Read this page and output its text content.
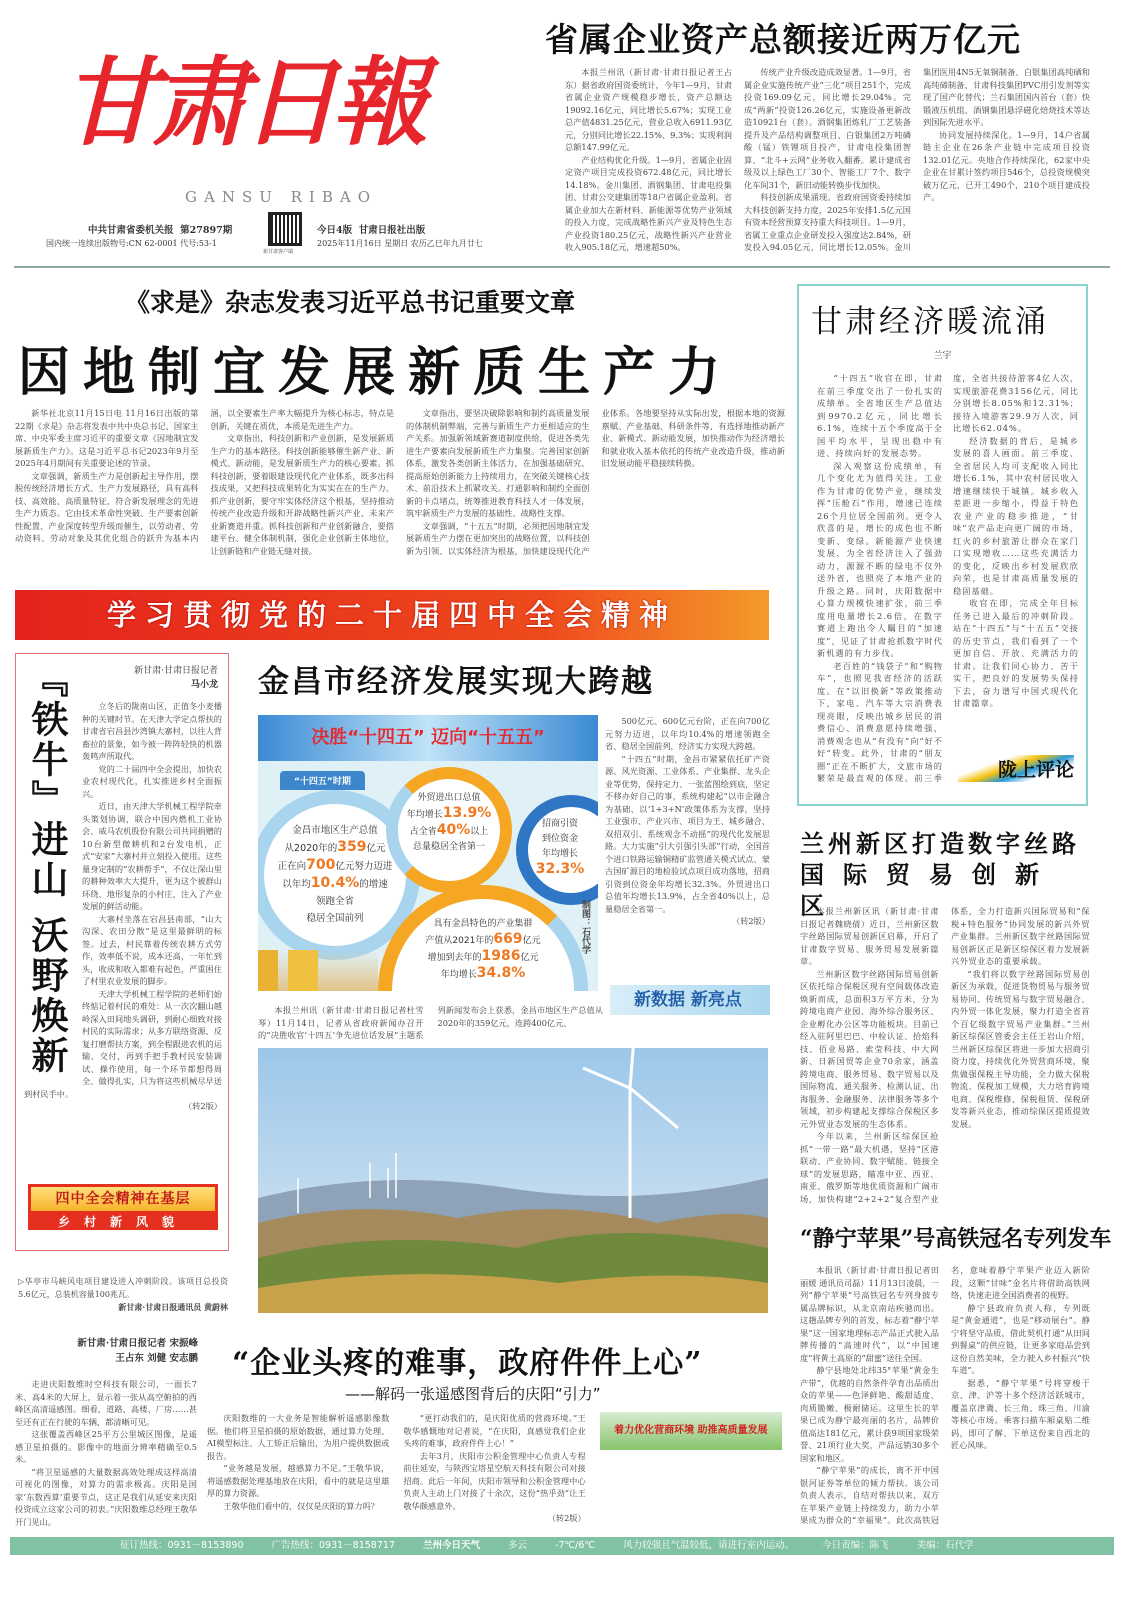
甘肃日報
GANSU RIBAO
中共甘肃省委机关报 第27897期
国内统一连续出版物号:CN 62-0001 代号:53-1
新甘肃客户端
今日4版 甘肃日报社出版
2025年11月16日 星期日 农历乙巳年九月廿七
省属企业资产总额接近两万亿元

本报兰州讯（新甘肃·甘肃日报记者王占东）据省政府国资委统计，今年1—9月，甘肃省属企业资产规模稳步增长，资产总额达19092.16亿元，同比增长5.67%；实现工业总产值4831.25亿元，营业总收入6911.93亿元，分别同比增长22.15%、9.3%；实现利润总额147.99亿元。

产业结构优化升级。1—9月，省属企业固定资产项目完成投资672.48亿元，同比增长14.18%。金川集团、酒钢集团、甘肃电投集团、甘肃公交建集团等18户省属企业盈利。省属企业加大在新材料、新能源等优势产业领域的投入力度，完成战略性新兴产业及特色生态产业投资180.25亿元，战略性新兴产业营业收入905.18亿元，增速超50%。

传统产业升级改造成效显著。1—9月，省属企业实施传统产业“三化”项目251个，完成投资169.09亿元，同比增长29.04%。完成“两新”投资126.26亿元，实施设备更新改造10921台（套）。酒钢集团炼轧厂工艺装备提升及产品结构调整项目、白银集团2万吨磷酸（锰）铁锂项目投产，甘肃电投集团智算、“北斗+云网”业务收入翻番。累计建成省级及以上绿色工厂30个、智能工厂7个、数字化车间31个，新旧动能转换步伐加快。

科技创新成果涌现。省政府国资委持续加大科技创新支持力度，2025年安排1.5亿元国有资本经营预算支持重大科技项目。1—9月，省属工业重点企业研发投入强度达2.84%，研发投入94.05亿元，同比增长12.05%。金川集团医用4N5无氧铜制备、白银集团高纯硒和高纯碲制备、甘肃科技集团PVC用引发剂等实现了国产化替代；兰石集团国内首台（套）快锻液压机组、酒钢集团悬浮磁化焙烧技术等达到国际先进水平。

协同发展持续深化。1—9月，14户省属链主企业在26条产业链中完成项目投资132.01亿元。央地合作持续深化，62家中央企业在甘累计签约项目546个，总投资规模突破万亿元，已开工490个，210个项目建成投产。

《求是》杂志发表习近平总书记重要文章
因地制宜发展新质生产力

新华社北京11月15日电 11月16日出版的第22期《求是》杂志将发表中共中央总书记、国家主席、中央军委主席习近平的重要文章《因地制宜发展新质生产力》。这是习近平总书记2023年9月至2025年4月期间有关重要论述的节录。

文章强调，新质生产力是创新起主导作用，摆脱传统经济增长方式、生产力发展路径，具有高科技、高效能、高质量特征，符合新发展理念的先进生产力质态。它由技术革命性突破、生产要素创新性配置、产业深度转型升级而催生，以劳动者、劳动资料、劳动对象及其优化组合的跃升为基本内涵，以全要素生产率大幅提升为核心标志，特点是创新，关键在质优，本质是先进生产力。

文章指出，科技创新和产业创新，是发展新质生产力的基本路径。科技创新能够催生新产业、新模式、新动能，是发展新质生产力的核心要素。抓科技创新，要着眼建设现代化产业体系，既多出科技成果，又把科技成果转化为实实在在的生产力。抓产业创新，要守牢实体经济这个根基，坚持推动传统产业改造升级和开辟战略性新兴产业、未来产业新赛道并重。抓科技创新和产业创新融合，要搭建平台、健全体制机制，强化企业创新主体地位，让创新链和产业链无缝对接。

文章指出，要坚决破除影响和制约高质量发展的体制机制弊端，完善与新质生产力更相适应的生产关系。加强新领域新赛道制度供给，促进各类先进生产要素向发展新质生产力集聚。完善国家创新体系，激发各类创新主体活力，在加强基础研究、提高原始创新能力上持续用力，在突破关键核心技术、前沿技术上抓紧攻关。打通影响和制约全面创新的卡点堵点，统筹推进教育科技人才一体发展，筑牢新质生产力发展的基础性、战略性支撑。

文章强调，“十五五”时期，必须把因地制宜发展新质生产力摆在更加突出的战略位置，以科技创新为引领、以实体经济为根基，加快建设现代化产业体系。各地要坚持从实际出发，根据本地的资源禀赋、产业基础、科研条件等，有选择地推动新产业、新模式、新动能发展，加快推动作为经济增长和就业收入基本依托的传统产业改造升级，推动新旧发展动能平稳接续转换。

学习贯彻党的二十届四中全会精神
甘肃经济暖流涌
兰宇

“十四五”收官在即，甘肃在前三季度交出了一份扎实的成绩单。全省地区生产总值达到9970.2亿元，同比增长6.1%，连续十五个季度高于全国平均水平，呈现出稳中有进、持续向好的发展态势。

深入观察这份成绩单，有几个变化尤为值得关注。工业作为甘肃的优势产业，继续发挥“压舱石”作用，增速已连续26个月位居全国前列。更令人欣喜的是，增长的成色也不断变新、变绿。新能源产业快速发展，为全省经济注入了强劲动力，源源不断的绿电不仅外送外省，也照亮了本地产业的升级之路。同时，庆阳数据中心算力规模快速扩张，前三季度用电量增长2.6倍，在数字赛道上跑出令人瞩目的“加速度”，见证了甘肃抢抓数字时代新机遇的有力步伐。

老百姓的“钱袋子”和“购物车”，也照见我省经济的活跃度。在“以旧换新”等政策推动下，家电、汽车等大宗消费表现亮眼，反映出城乡居民的消费信心、消费意愿持续增强，消费观念也从“有没有”向“好不好”转变。此外，甘肃的“朋友圈”正在不断扩大，文旅市场的繁荣是最直观的体现。前三季度，全省共接待游客4亿人次，实现旅游花费3156亿元，同比分别增长8.05%和12.31%；接待入境游客29.9万人次，同比增长62.04%。

经济数据的背后，是城乡发展的喜人画面。前三季度，全省居民人均可支配收入同比增长6.1%，其中农村居民收入增速继续快于城镇。城乡收入差距进一步缩小，得益于特色农业产业的稳步推进，“甘味”农产品走向更广阔的市场，红火的乡村旅游让群众在家门口实现增收……这些充满活力的变化，反映出乡村发展欣欣向荣，也是甘肃高质量发展的稳固基础。

收官在即，完成全年目标任务已进入最后的冲刺阶段。站在“十四五”与“十五五”交接的历史节点，我们看到了一个更加自信、开放、充满活力的甘肃。让我们同心协力、苦干实干，把良好的发展势头保持下去，奋力谱写中国式现代化甘肃篇章。

陇上评论
兰州新区打造数字丝路
国际贸易创新区

本报兰州新区讯（新甘肃·甘肃日报记者魏晓倩）近日，兰州新区数字丝路国际贸易创新区启幕，开启了甘肃数字贸易、服务贸易发展新篇章。

兰州新区数字丝路国际贸易创新区依托综合保税区现有空间载体改造焕新而成，总面积3万平方米，分为跨境电商产业园、海外综合服务区、企业孵化办公区等功能板块。目前已经入驻阿里巴巴、中检认证、拾焰科技、佰业易路、索莹科技、中大网新、日新国贸等企业70余家，涵盖跨境电商、服务贸易、数字贸易以及国际物流、通关服务、检测认证、出海服务、金融服务、法律服务等多个领域，初步构建起支撑综合保税区多元外贸业态发展的生态体系。

今年以来，兰州新区综保区抢抓“一带一路”最大机遇，坚持“区港联动、产业协同、数字赋能、链接全球”的发展思路，瞄准中亚、西亚、南亚、俄罗斯等地优质资源和广阔市场，加快构建“2+2+2”复合型产业体系，全力打造新兴国际贸易和“保税+特色服务”协同发展的新兴外贸产业集群。兰州新区数字丝路国际贸易创新区正是新区综保区着力发展新兴外贸业态的重要承载。

“我们将以数字丝路国际贸易创新区为承载，促进货物贸易与服务贸易协同、传统贸易与数字贸易融合、内外贸一体化发展，聚力打造全省首个百亿级数字贸易产业集群。”兰州新区综保区管委会主任王岩山介绍，兰州新区综保区将进一步加大招商引资力度，持续优化外贸营商环境，聚焦做强保税主导功能，全力做大保税物流、保税加工规模，大力培育跨境电商、保税维修、保税租赁、保税研发等新兴业态，推动综保区提质提效发展。

“静宁苹果”号高铁冠名专列发车

本报讯（新甘肃·甘肃日报记者田丽媛 通讯员司磊）11月13日凌晨，一列“静宁苹果”号高铁冠名专列身披专属品牌标识，从北京南站疾驰而出。这趟品牌专列的首发，标志着“静宁苹果”这一国家地理标志产品正式驶入品牌传播的“高速时代”，以“中国速度”将黄土高原的“甜蜜”送往全国。

静宁县地处北纬35°苹果“黄金生产带”，优越的自然条件孕育出品质出众的苹果——色泽鲜艳、酸甜适度、肉质脆嫩、极耐储运。这里生长的苹果已成为静宁最亮丽的名片，品牌价值高达181亿元，累计获9项国家级荣誉、21项行业大奖，产品远销30多个国家和地区。

“静宁苹果”的成长，离不开中国银河证券等单位的倾力帮扶。该公司负责人表示，自结对帮扶以来，双方在苹果产业链上持续发力，助力小苹果成为群众的“幸福果”。此次高铁冠名，意味着静宁苹果产业迈入新阶段，这颗“甘味”金名片将借助高铁网络，快速走进全国消费者的视野。

静宁县政府负责人称，专列既是“黄金通道”，也是“移动展台”。静宁将坚守品质，借此契机打通“从田间到餐桌”的供应链，让更多家庭品尝到这份自然美味，全力驶入乡村振兴“快车道”。

据悉，“静宁苹果”号将穿梭于京、津、沪等十多个经济活跃城市，覆盖京津冀、长三角、珠三角、川渝等核心市场。乘客扫描车厢桌贴二维码，即可了解、下单这份来自西北的匠心风味。

『铁牛』进山 沃野焕新	新甘肃·甘肃日报记者
马小龙

立冬后的陇南山区，正值冬小麦播种的关键时节。在天津大学定点帮扶的甘肃省宕昌县沙湾镇大寨村，以往人背畜拉的景象，如今被一阵阵轻快的机器轰鸣声所取代。

党的二十届四中全会提出，加快农业农村现代化，扎实推进乡村全面振兴。

近日，由天津大学机械工程学院牵头策划协调，联合中国内燃机工业协会、威马农机股份有限公司共同捐赠的10台新型微耕机和2台发电机，正式“安家”大寨村并立刻投入使用。这些量身定制的“农耕帮手”，不仅让深山里的耕种效率大大提升，更为这个被群山环绕、地形复杂的小村庄，注入了产业发展的鲜活动能。

大寨村坐落在宕昌县南部，“山大沟深、农田分散”是这里最鲜明的标签。过去，村民靠着传统农耕方式劳作，效率低不说，成本还高，一年忙到头，收成和收入都难有起色，严重困住了村里农业发展的脚步。

天津大学机械工程学院的老师们始终惦记着村民的难处：从一次次翻山越岭深入田间地头调研，到耐心细致对接村民的实际需求；从多方联络资源、反复打磨帮扶方案，到全程跟进农机的运输、交付，再到手把手教村民安装调试、操作使用，每一个环节都想得周全、做得扎实，只为将这些机械尽早送到村民手中。

（转2版）
四中全会精神在基层
乡村新风貌
▷华亭市马峡风电项目建设进入冲刺阶段。该项目总投资5.6亿元，总装机容量100兆瓦。
新甘肃·甘肃日报通讯员 黄蔚林
金昌市经济发展实现大跨越
决胜“十四五” 迈向“十五五”
“十四五”时期
金昌市地区生产总值
从2020年的359亿元
正在向700亿元努力迈进
以年均10.4%的增速
领跑全省
稳居全国前列
外贸进出口总值
年均增长13.9%
占全省40%以上
总量稳居全省第一
招商引资
到位资金
年均增长32.3%
具有金昌特色的产业集群
产值从2021年的669亿元
增加到去年的1986亿元
年均增长34.8%
制图：石代学

500亿元、600亿元台阶，正在向700亿元努力迈进，以年均10.4%的增速领跑全省、稳居全国前列，经济实力实现大跨越。

“十四五”时期，金昌市紧紧依托矿产资源、风光资源、工业体系、产业集群、龙头企业等优势，保持定力、一张蓝图绘到底，坚定不移办好自己的事，系统构建起“以市企融合为基础、以‘1+3+N’政策体系为支撑，坚持工业强市、产业兴市、项目为王、城乡融合、双招双引、系统观念不动摇”的现代化发展思路。大力实施“引大引强引头部”行动，全国首个进口铁路运输铜精矿监管通关模式试点、蒙古国矿源目的地检验试点项目成功落地，招商引资到位资金年均增长32.3%。外贸进出口总值年均增长13.9%，占全省40%以上，总量稳居全省第一。

（转2版）

本报兰州讯（新甘肃·甘肃日报记者杜雪琴）11月14日，记者从省政府新闻办召开的“决胜收官‘十四五’争先进位话发展”主题系列新闻发布会上获悉，金昌市地区生产总值从2020年的359亿元，连跨400亿元、

新数据 新亮点
新甘肃·甘肃日报记者 宋振峰
王占东 刘健 安志鹏 “企业头疼的难事，政府件件上心”
——解码一张遥感图背后的庆阳“引力”

走进庆阳数维时空科技有限公司，一面长7米、高4米的大屏上，显示着一张从高空俯拍的西峰区高清遥感图。细看，道路、高楼、厂房……甚至还有正在行驶的车辆，都清晰可见。

这张覆盖西峰区25平方公里城区图像，是遥感卫星拍摄的。影像中的地面分辨率精确至0.5米。

“将卫星遥感的大量数据高效处理成这样高清可视化的图像，对算力的需求极高。庆阳是国家‘东数西算’重要节点，这正是我们从延安来庆阳投资成立这家公司的初衷。”庆阳数维总经理王敬华开门见山。

庆阳数维的一大业务是智能解析遥感影像数据。他们将卫星拍摄的原始数据，通过算力处理、AI模型标注、人工矫正后输出，为用户提供数据或报告。

“业务越是发展，越感算力不足。”王敬华说，将遥感数据处理基地放在庆阳，看中的就是这里雄厚的算力资源。

王敬华他们看中的，仅仅是庆阳的算力吗？

“更打动我们的，是庆阳优质的营商环境。”王敬华感慨地对记者说，“在庆阳，真感觉我们企业头疼的难事，政府件件上心！”

去年3月，庆阳市公积金管理中心负责人专程前往延安，与陕西宝塔星空航天科技有限公司对接招商。此后一年间，庆阳市领导和公积金管理中心负责人主动上门对接了十余次，这份“热乎劲”让王敬华颇感意外。

（转2版）
着力优化营商环境 助推高质量发展
征订热线：0931－8153890	广告热线：0931－8158717	兰州今日天气	多云	-7℃/6℃	风力较强且气温较低，请进行室内运动。	今日责编：陈飞	美编：石代学
